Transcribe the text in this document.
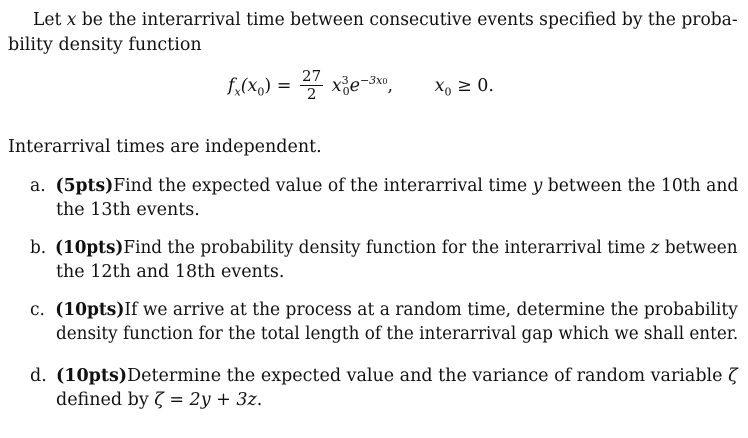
Let x be the interarrival time between consecutive events specified by the proba-
bility density function
$f_x(x_0) = \frac{27}{2} x^3_0e^{-3x0}$, $x_0 \ge 0$.
Interarrival times are independent.
a. (5pts)Find the expected value of the interarrival time y between the 10th and
the 13th events.
b. (10pts)Find the probability density function for the interarrival time z between
the 12th and 18th events.
c. (10pts)If we arrive at the process at a random time, determine the probability
density function for the total length of the interarrival gap which we shall enter.
d. (10pts)Determine the expected value and the variance of random variable ζ
defined by ζ = 2y + 3z.
